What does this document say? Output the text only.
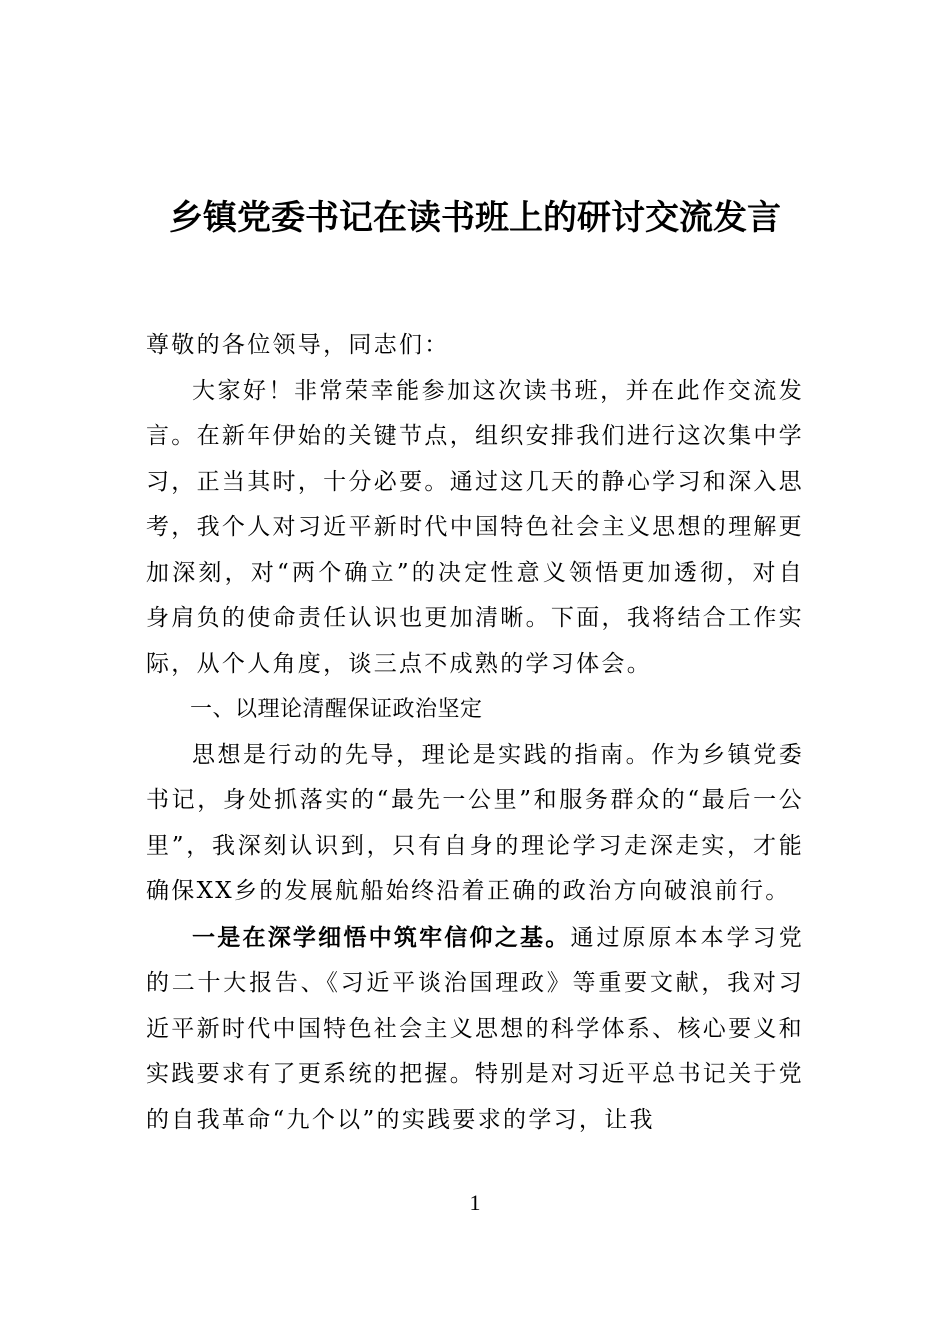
乡镇党委书记在读书班上的研讨交流发言

尊敬的各位领导，同志们：

大家好！非常荣幸能参加这次读书班，并在此作交流发言。在新年伊始的关键节点，组织安排我们进行这次集中学习，正当其时，十分必要。通过这几天的静心学习和深入思考，我个人对习近平新时代中国特色社会主义思想的理解更加深刻，对“两个确立”的决定性意义领悟更加透彻，对自身肩负的使命责任认识也更加清晰。下面，我将结合工作实际，从个人角度，谈三点不成熟的学习体会。

一、以理论清醒保证政治坚定

思想是行动的先导，理论是实践的指南。作为乡镇党委书记，身处抓落实的“最先一公里”和服务群众的“最后一公里”，我深刻认识到，只有自身的理论学习走深走实，才能确保XX乡的发展航船始终沿着正确的政治方向破浪前行。

一是在深学细悟中筑牢信仰之基。通过原原本本学习党的二十大报告、《习近平谈治国理政》等重要文献，我对习近平新时代中国特色社会主义思想的科学体系、核心要义和实践要求有了更系统的把握。特别是对习近平总书记关于党的自我革命“九个以”的实践要求的学习，让我

1
